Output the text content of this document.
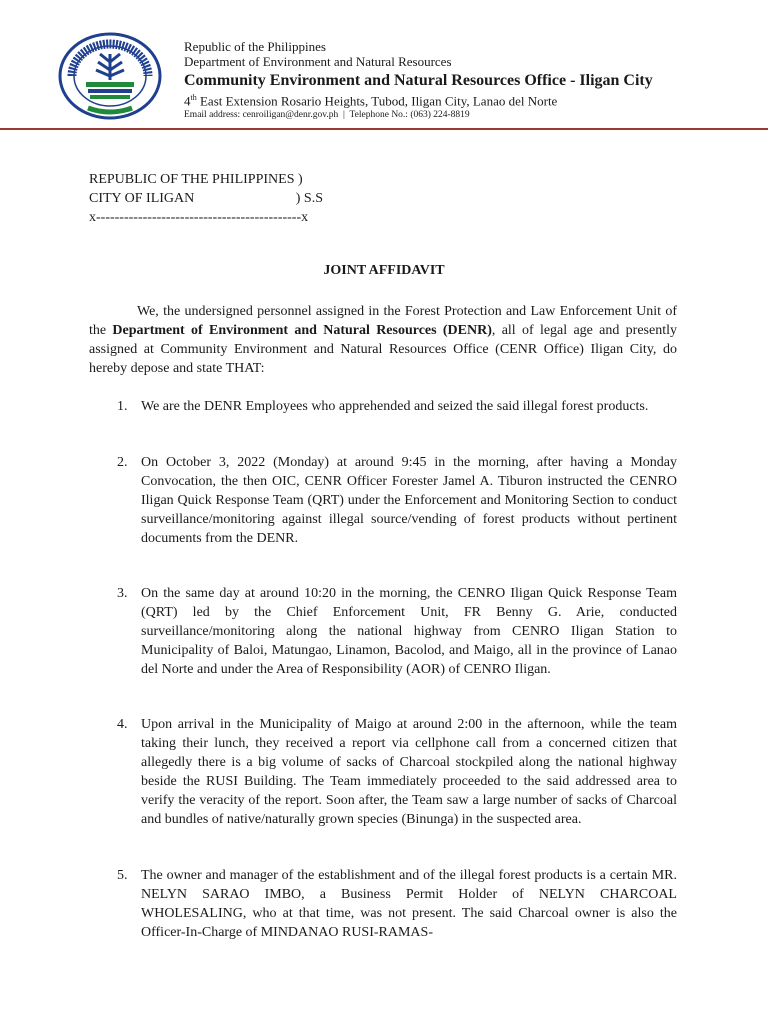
Republic of the Philippines
Department of Environment and Natural Resources
Community Environment and Natural Resources Office - Iligan City
4th East Extension Rosario Heights, Tubod, Iligan City, Lanao del Norte
Email address: cenroiligan@denr.gov.ph  |  Telephone No.: (063) 224-8819
REPUBLIC OF THE PHILIPPINES )
CITY OF ILIGAN                             ) S.S
x--------------------------------------------x
JOINT AFFIDAVIT
We, the undersigned personnel assigned in the Forest Protection and Law Enforcement Unit of the Department of Environment and Natural Resources (DENR), all of legal age and presently assigned at Community Environment and Natural Resources Office (CENR Office) Iligan City, do hereby depose and state THAT:
1. We are the DENR Employees who apprehended and seized the said illegal forest products.
2. On October 3, 2022 (Monday) at around 9:45 in the morning, after having a Monday Convocation, the then OIC, CENR Officer Forester Jamel A. Tiburon instructed the CENRO Iligan Quick Response Team (QRT) under the Enforcement and Monitoring Section to conduct surveillance/monitoring against illegal source/vending of forest products without pertinent documents from the DENR.
3. On the same day at around 10:20 in the morning, the CENRO Iligan Quick Response Team (QRT) led by the Chief Enforcement Unit, FR Benny G. Arie, conducted surveillance/monitoring along the national highway from CENRO Iligan Station to Municipality of Baloi, Matungao, Linamon, Bacolod, and Maigo, all in the province of Lanao del Norte and under the Area of Responsibility (AOR) of CENRO Iligan.
4. Upon arrival in the Municipality of Maigo at around 2:00 in the afternoon, while the team taking their lunch, they received a report via cellphone call from a concerned citizen that allegedly there is a big volume of sacks of Charcoal stockpiled along the national highway beside the RUSI Building. The Team immediately proceeded to the said addressed area to verify the veracity of the report. Soon after, the Team saw a large number of sacks of Charcoal and bundles of native/naturally grown species (Binunga) in the suspected area.
5. The owner and manager of the establishment and of the illegal forest products is a certain MR. NELYN SARAO IMBO, a Business Permit Holder of NELYN CHARCOAL WHOLESALING, who at that time, was not present. The said Charcoal owner is also the Officer-In-Charge of MINDANAO RUSI-RAMAS-
